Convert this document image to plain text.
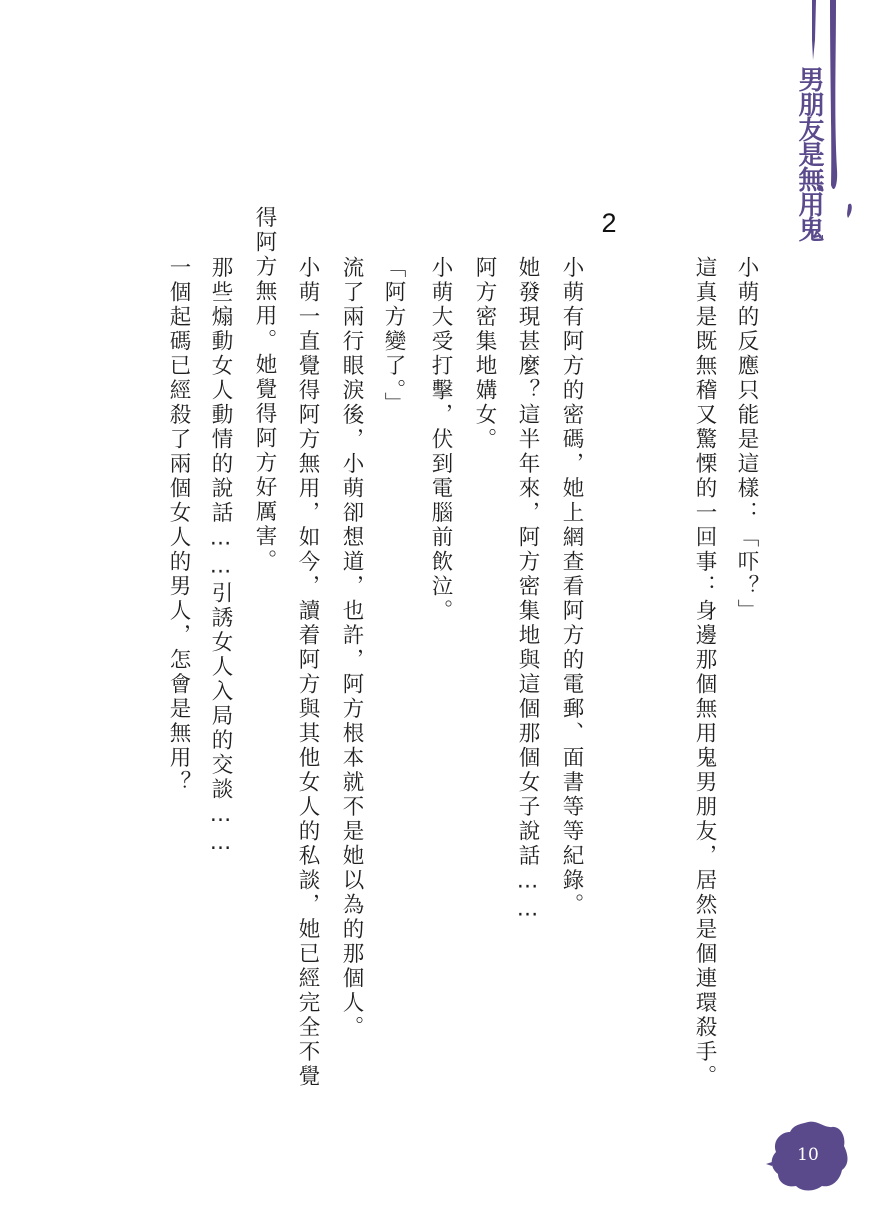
男朋友是無用鬼
2
小萌的反應只能是這樣：「吓？」
這真是既無稽又驚慄的一回事：身邊那個無用鬼男朋友，居然是個連環殺手。
小萌有阿方的密碼，她上網查看阿方的電郵、面書等等紀錄。
她發現甚麼？這半年來，阿方密集地與這個那個女子說話……
阿方密集地媾女。
小萌大受打擊，伏到電腦前飲泣。
「阿方變了。」
流了兩行眼淚後，小萌卻想道，也許，阿方根本就不是她以為的那個人。
小萌一直覺得阿方無用，如今，讀着阿方與其他女人的私談，她已經完全不覺
得阿方無用。她覺得阿方好厲害。
那些煽動女人動情的說話……引誘女人入局的交談……
一個起碼已經殺了兩個女人的男人，怎會是無用？
10
